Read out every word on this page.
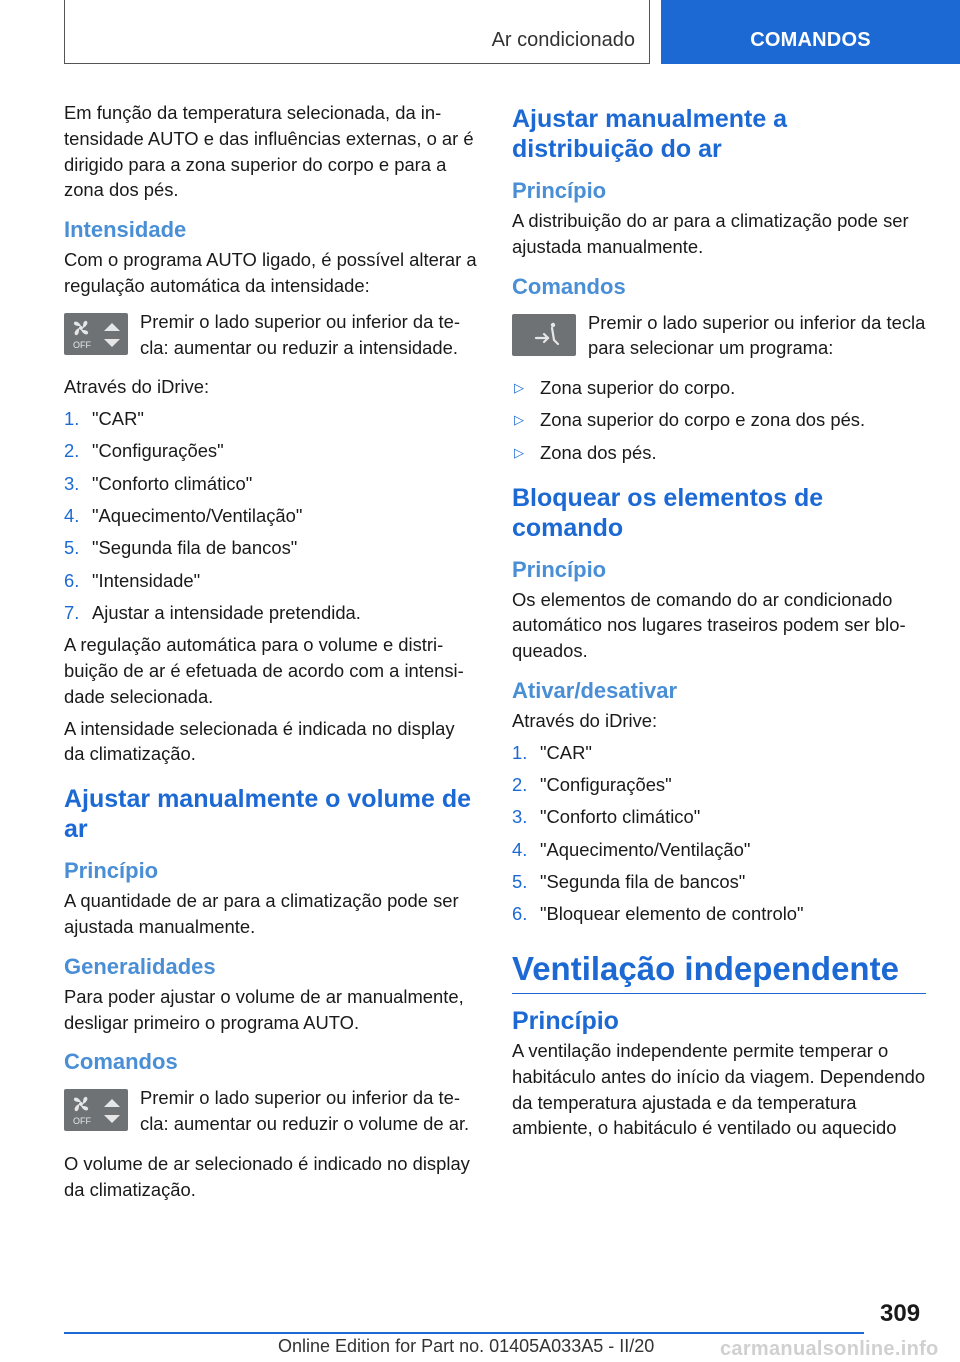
Ar condicionado	COMANDOS

Em função da temperatura selecionada, da intensidade AUTO e das influências externas, o ar é dirigido para a zona superior do corpo e para a zona dos pés.

Intensidade

Com o programa AUTO ligado, é possível alterar a regulação automática da intensidade:

OFF
Premir o lado superior ou inferior da tecla: aumentar ou reduzir a intensidade.

Através do iDrive:

1. "CAR"
2. "Configurações"
3. "Conforto climático"
4. "Aquecimento/Ventilação"
5. "Segunda fila de bancos"
6. "Intensidade"
7. Ajustar a intensidade pretendida.

A regulação automática para o volume e distribuição de ar é efetuada de acordo com a intensidade selecionada.

A intensidade selecionada é indicada no display da climatização.

Ajustar manualmente o volume de ar
Princípio

A quantidade de ar para a climatização pode ser ajustada manualmente.

Generalidades

Para poder ajustar o volume de ar manualmente, desligar primeiro o programa AUTO.

Comandos
OFF
Premir o lado superior ou inferior da tecla: aumentar ou reduzir o volume de ar.

O volume de ar selecionado é indicado no display da climatização.

Ajustar manualmente a distribuição do ar
Princípio

A distribuição do ar para a climatização pode ser ajustada manualmente.

Comandos
Premir o lado superior ou inferior da tecla para selecionar um programa:
▷ Zona superior do corpo.
▷ Zona superior do corpo e zona dos pés.
▷ Zona dos pés.
Bloquear os elementos de comando
Princípio

Os elementos de comando do ar condicionado automático nos lugares traseiros podem ser bloqueados.

Ativar/desativar

Através do iDrive:

1. "CAR"
2. "Configurações"
3. "Conforto climático"
4. "Aquecimento/Ventilação"
5. "Segunda fila de bancos"
6. "Bloquear elemento de controlo"
Ventilação independente
Princípio

A ventilação independente permite temperar o habitáculo antes do início da viagem. Dependendo da temperatura ajustada e da temperatura ambiente, o habitáculo é ventilado ou aquecido

309
Online Edition for Part no. 01405A033A5 - II/20	carmanualsonline.info
